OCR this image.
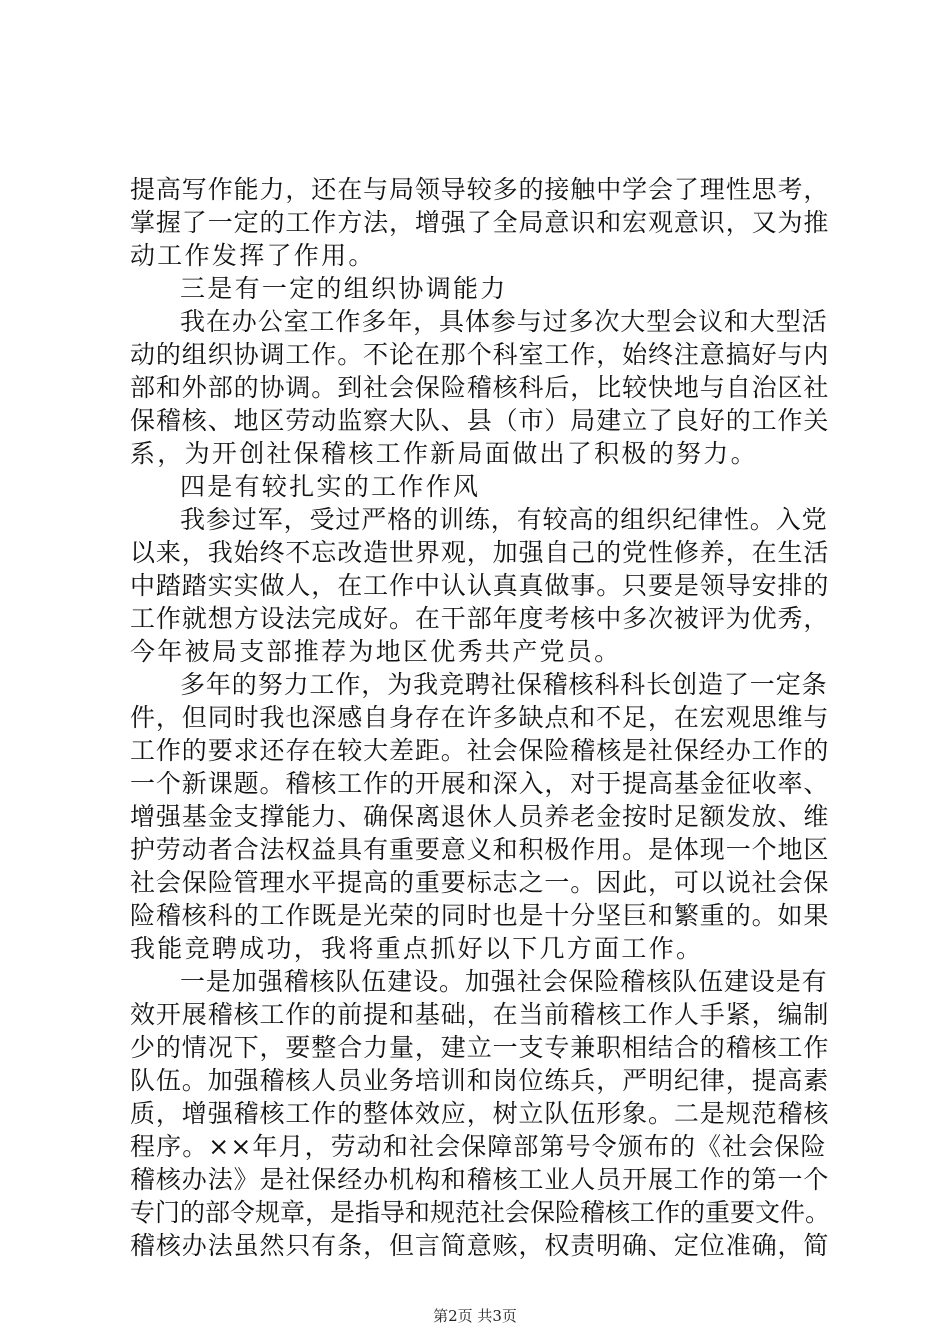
提高写作能力，还在与局领导较多的接触中学会了理性思考，
掌握了一定的工作方法，增强了全局意识和宏观意识，又为推
动工作发挥了作用。
三是有一定的组织协调能力
我在办公室工作多年，具体参与过多次大型会议和大型活
动的组织协调工作。不论在那个科室工作，始终注意搞好与内
部和外部的协调。到社会保险稽核科后，比较快地与自治区社
保稽核、地区劳动监察大队、县（市）局建立了良好的工作关
系，为开创社保稽核工作新局面做出了积极的努力。
四是有较扎实的工作作风
我参过军，受过严格的训练，有较高的组织纪律性。入党
以来，我始终不忘改造世界观，加强自己的党性修养，在生活
中踏踏实实做人，在工作中认认真真做事。只要是领导安排的
工作就想方设法完成好。在干部年度考核中多次被评为优秀，
今年被局支部推荐为地区优秀共产党员。
多年的努力工作，为我竞聘社保稽核科科长创造了一定条
件，但同时我也深感自身存在许多缺点和不足，在宏观思维与
工作的要求还存在较大差距。社会保险稽核是社保经办工作的
一个新课题。稽核工作的开展和深入，对于提高基金征收率、
增强基金支撑能力、确保离退休人员养老金按时足额发放、维
护劳动者合法权益具有重要意义和积极作用。是体现一个地区
社会保险管理水平提高的重要标志之一。因此，可以说社会保
险稽核科的工作既是光荣的同时也是十分坚巨和繁重的。如果
我能竞聘成功，我将重点抓好以下几方面工作。
一是加强稽核队伍建设。加强社会保险稽核队伍建设是有
效开展稽核工作的前提和基础，在当前稽核工作人手紧，编制
少的情况下，要整合力量，建立一支专兼职相结合的稽核工作
队伍。加强稽核人员业务培训和岗位练兵，严明纪律，提高素
质，增强稽核工作的整体效应，树立队伍形象。二是规范稽核
程序。××年月，劳动和社会保障部第号令颁布的《社会保险
稽核办法》是社保经办机构和稽核工业人员开展工作的第一个
专门的部令规章，是指导和规范社会保险稽核工作的重要文件。
稽核办法虽然只有条，但言简意赅，权责明确、定位准确，简
第2页 共3页
